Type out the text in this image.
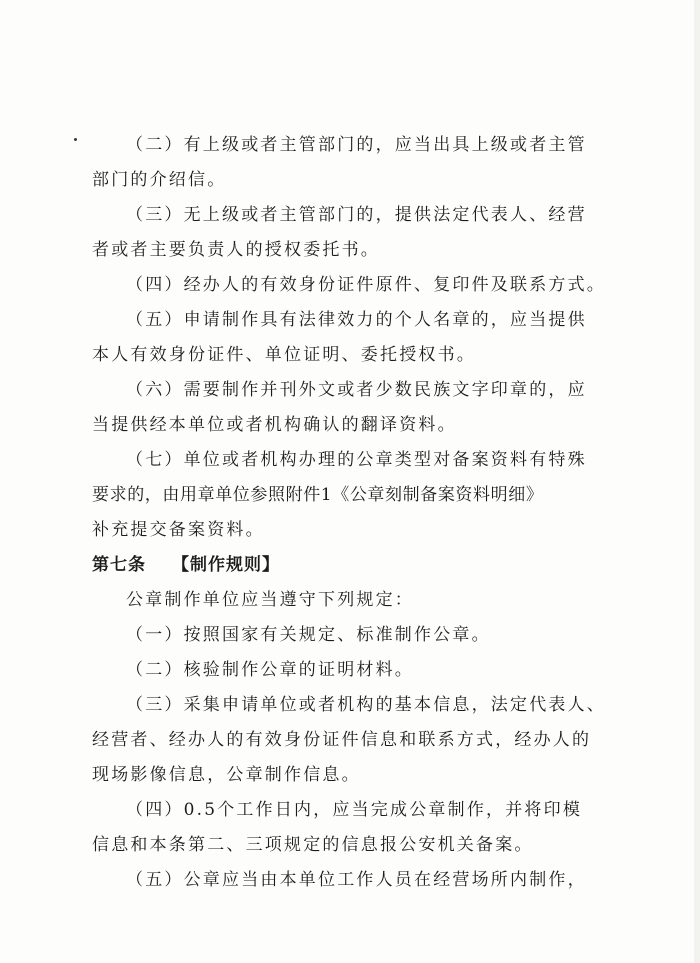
（二）有上级或者主管部门的，应当出具上级或者主管
部门的介绍信。
（三）无上级或者主管部门的，提供法定代表人、经营
者或者主要负责人的授权委托书。
（四）经办人的有效身份证件原件、复印件及联系方式。
（五）申请制作具有法律效力的个人名章的，应当提供
本人有效身份证件、单位证明、委托授权书。
（六）需要制作并刊外文或者少数民族文字印章的，应
当提供经本单位或者机构确认的翻译资料。
（七）单位或者机构办理的公章类型对备案资料有特殊
要求的，由用章单位参照附件1《公章刻制备案资料明细》
补充提交备案资料。
第七条 【制作规则】
公章制作单位应当遵守下列规定：
（一）按照国家有关规定、标准制作公章。
（二）核验制作公章的证明材料。
（三）采集申请单位或者机构的基本信息，法定代表人、
经营者、经办人的有效身份证件信息和联系方式，经办人的
现场影像信息，公章制作信息。
（四）0.5个工作日内，应当完成公章制作，并将印模
信息和本条第二、三项规定的信息报公安机关备案。
（五）公章应当由本单位工作人员在经营场所内制作，
